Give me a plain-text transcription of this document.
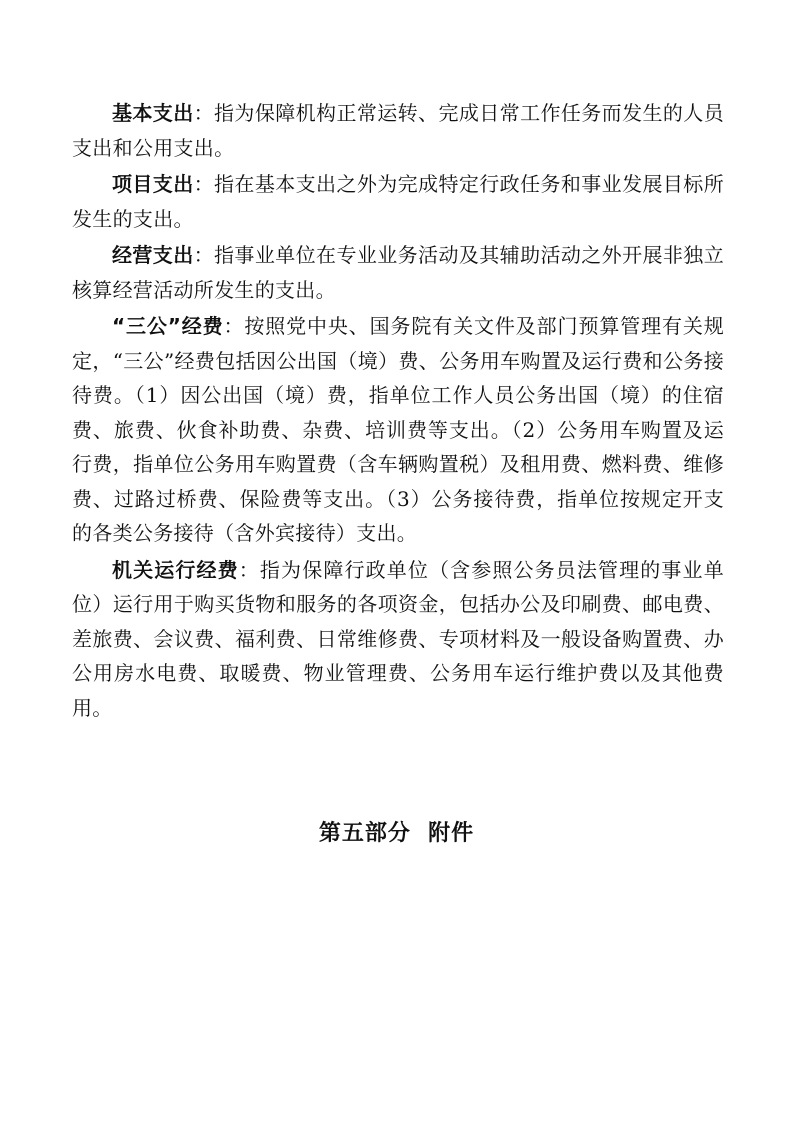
基本支出：指为保障机构正常运转、完成日常工作任务而发生的人员支出和公用支出。

项目支出：指在基本支出之外为完成特定行政任务和事业发展目标所发生的支出。

经营支出：指事业单位在专业业务活动及其辅助活动之外开展非独立核算经营活动所发生的支出。

“三公”经费：按照党中央、国务院有关文件及部门预算管理有关规定，“三公”经费包括因公出国（境）费、公务用车购置及运行费和公务接待费。（1）因公出国（境）费，指单位工作人员公务出国（境）的住宿费、旅费、伙食补助费、杂费、培训费等支出。（2）公务用车购置及运行费，指单位公务用车购置费（含车辆购置税）及租用费、燃料费、维修费、过路过桥费、保险费等支出。（3）公务接待费，指单位按规定开支的各类公务接待（含外宾接待）支出。

机关运行经费：指为保障行政单位（含参照公务员法管理的事业单位）运行用于购买货物和服务的各项资金，包括办公及印刷费、邮电费、差旅费、会议费、福利费、日常维修费、专项材料及一般设备购置费、办公用房水电费、取暖费、物业管理费、公务用车运行维护费以及其他费用。

第五部分  附件
